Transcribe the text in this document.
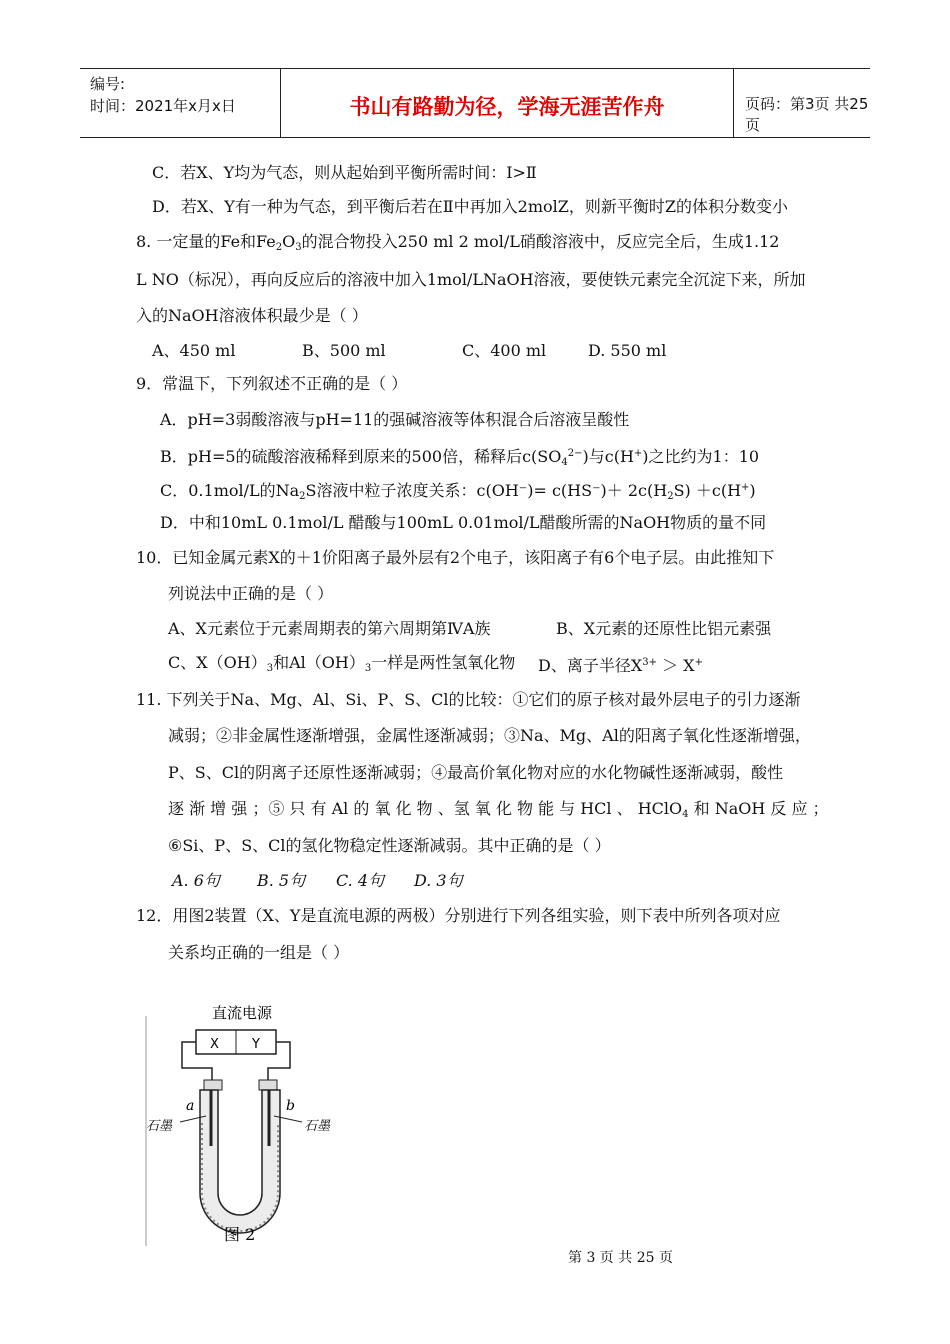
编号:
时间：2021年x月x日	书山有路勤为径，学海无涯苦作舟	页码：第3页 共25页
C．若X、Y均为气态，则从起始到平衡所需时间：Ⅰ>Ⅱ
D．若X、Y有一种为气态，到平衡后若在Ⅱ中再加入2molZ，则新平衡时Z的体积分数变小
8. 一定量的Fe和$Fe_2O_3$的混合物投入250 ml 2 mol/L硝酸溶液中，反应完全后，生成1.12
L NO（标况），再向反应后的溶液中加入1mol/LNaOH溶液，要使铁元素完全沉淀下来，所加
入的NaOH溶液体积最少是（ ）
A、450 ml	B、500 ml	C、400 ml	D. 550 ml
9．常温下，下列叙述不正确的是（ ）
A．pH=3弱酸溶液与pH=11的强碱溶液等体积混合后溶液呈酸性
B．pH=5的硫酸溶液稀释到原来的500倍，稀释后$c(SO_4^{2-})$与c(H+)之比约为1：10
C．0.1mol/L的$Na_2S$溶液中粒子浓度关系：$c(OH^-)= c(HS^-)+ 2c(H_2S) +c(H^+)$
D．中和10mL 0.1mol/L 醋酸与100mL 0.01mol/L醋酸所需的NaOH物质的量不同
10．已知金属元素X的＋1价阳离子最外层有2个电子，该阳离子有6个电子层。由此推知下
列说法中正确的是（ ）
A、X元素位于元素周期表的第六周期第ⅣA族	B、X元素的还原性比铝元素强
C、$X(OH)_3$和$Al(OH)_3$一样是两性氢氧化物 D、离子半径$X^{3+} > X^+$
11. 下列关于Na、Mg、Al、Si、P、S、Cl的比较：①它们的原子核对最外层电子的引力逐渐
减弱；②非金属性逐渐增强，金属性逐渐减弱；③Na、Mg、Al的阳离子氧化性逐渐增强，
P、S、Cl的阴离子还原性逐渐减弱；④最高价氧化物对应的水化物碱性逐渐减弱，酸性
逐 渐 增 强 ；⑤ 只 有 Al 的 氧 化 物 、氢 氧 化 物 能 与 HCl 、 HClO$_4$ 和 NaOH 反 应 ；
⑥Si、P、S、Cl的氢化物稳定性逐渐减弱。其中正确的是（ ）
A. 6句 B. 5句 C. 4句 D. 3句
12．用图2装置（X、Y是直流电源的两极）分别进行下列各组实验，则下表中所列各项对应
关系均正确的一组是（ ）
直流电源
X	Y
a	b
石墨	石墨
图 2
第 3 页 共 25 页
